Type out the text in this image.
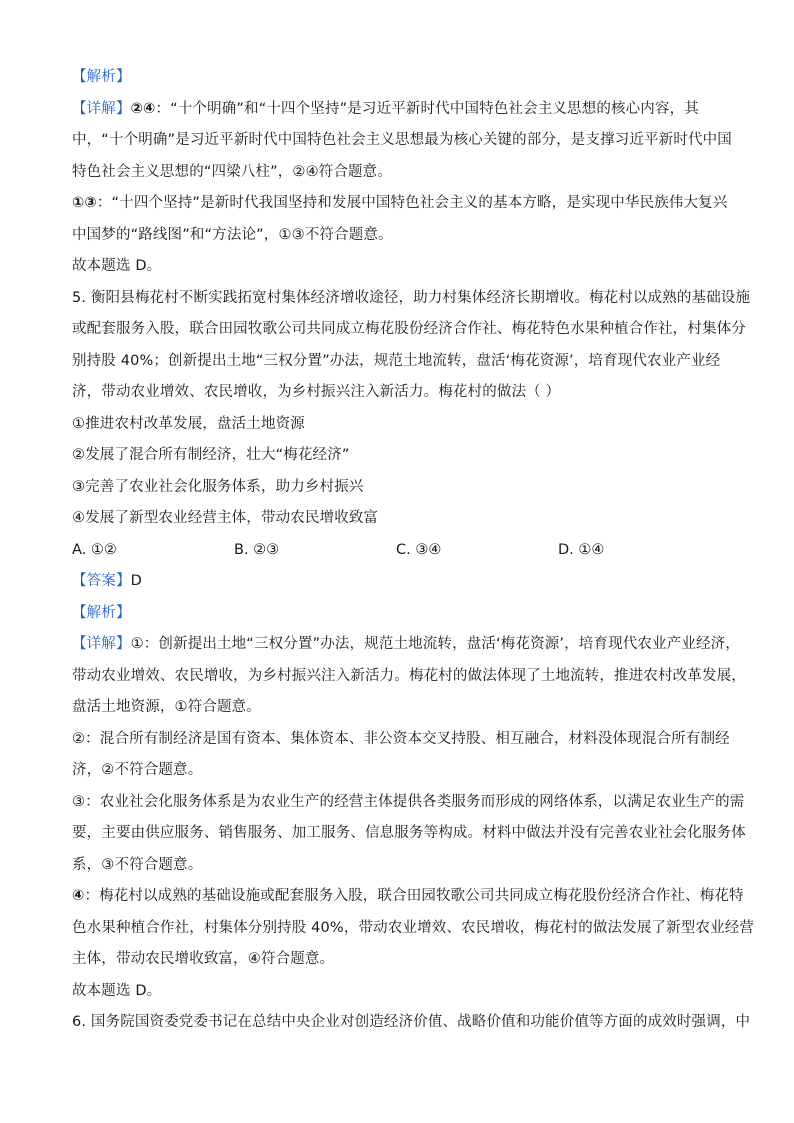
【解析】
【详解】②④：“十个明确”和“十四个坚持”是习近平新时代中国特色社会主义思想的核心内容，其
中，“十个明确”是习近平新时代中国特色社会主义思想最为核心关键的部分，是支撑习近平新时代中国
特色社会主义思想的“四梁八柱”，②④符合题意。
①③：“十四个坚持”是新时代我国坚持和发展中国特色社会主义的基本方略，是实现中华民族伟大复兴
中国梦的“路线图”和“方法论”，①③不符合题意。
故本题选 D。
5. 衡阳县梅花村不断实践拓宽村集体经济增收途径，助力村集体经济长期增收。梅花村以成熟的基础设施
或配套服务入股，联合田园牧歌公司共同成立梅花股份经济合作社、梅花特色水果种植合作社，村集体分
别持股 40%；创新提出土地“三权分置”办法，规范土地流转，盘活‘梅花资源’，培育现代农业产业经
济，带动农业增效、农民增收，为乡村振兴注入新活力。梅花村的做法（ ）
①推进农村改革发展，盘活土地资源
②发展了混合所有制经济，壮大“梅花经济”
③完善了农业社会化服务体系，助力乡村振兴
④发展了新型农业经营主体，带动农民增收致富
A. ①②	B. ②③	C. ③④	D. ①④
【答案】D
【解析】
【详解】①：创新提出土地“三权分置”办法，规范土地流转，盘活‘梅花资源’，培育现代农业产业经济，
带动农业增效、农民增收，为乡村振兴注入新活力。梅花村的做法体现了土地流转，推进农村改革发展，
盘活土地资源，①符合题意。
②：混合所有制经济是国有资本、集体资本、非公资本交叉持股、相互融合，材料没体现混合所有制经
济，②不符合题意。
③：农业社会化服务体系是为农业生产的经营主体提供各类服务而形成的网络体系，以满足农业生产的需
要，主要由供应服务、销售服务、加工服务、信息服务等构成。材料中做法并没有完善农业社会化服务体
系，③不符合题意。
④：梅花村以成熟的基础设施或配套服务入股，联合田园牧歌公司共同成立梅花股份经济合作社、梅花特
色水果种植合作社，村集体分别持股 40%，带动农业增效、农民增收，梅花村的做法发展了新型农业经营
主体，带动农民增收致富，④符合题意。
故本题选 D。
6. 国务院国资委党委书记在总结中央企业对创造经济价值、战略价值和功能价值等方面的成效时强调，中
